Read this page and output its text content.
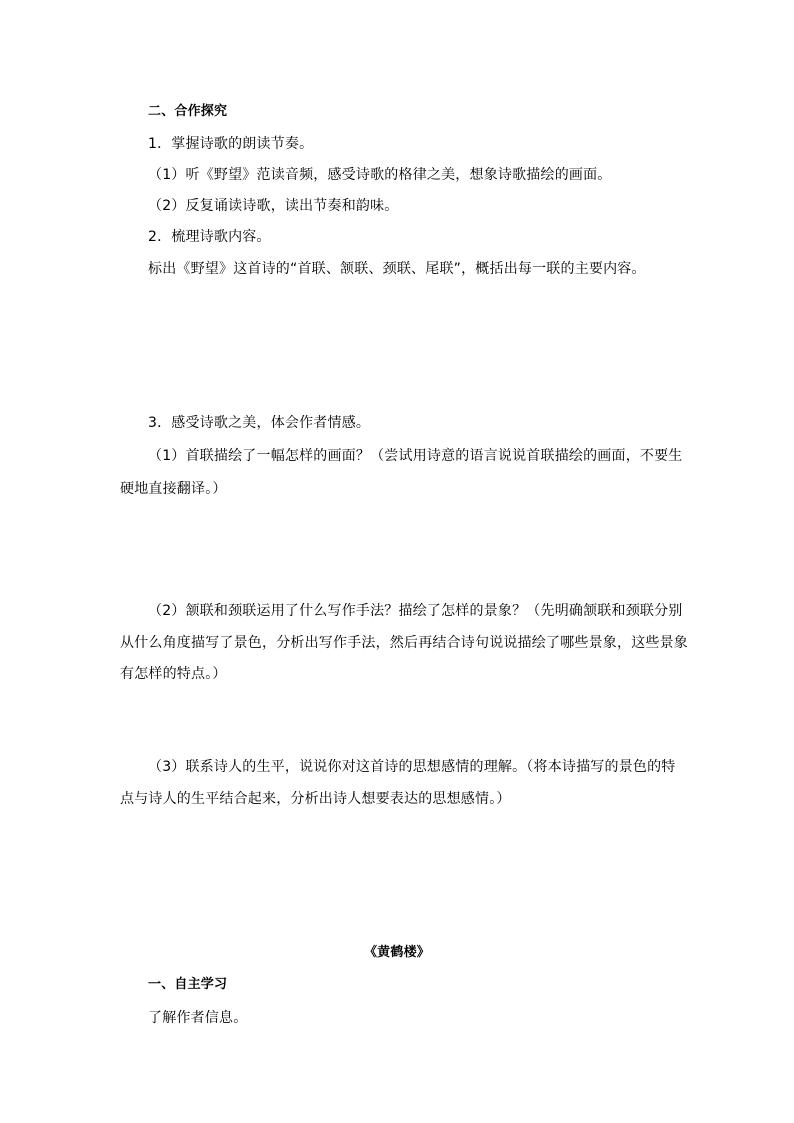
二、合作探究
1．掌握诗歌的朗读节奏。
（1）听《野望》范读音频，感受诗歌的格律之美，想象诗歌描绘的画面。
（2）反复诵读诗歌，读出节奏和韵味。
2．梳理诗歌内容。
标出《野望》这首诗的“首联、颔联、颈联、尾联”，概括出每一联的主要内容。
3．感受诗歌之美，体会作者情感。
（1）首联描绘了一幅怎样的画面？（尝试用诗意的语言说说首联描绘的画面，不要生
硬地直接翻译。）
（2）颔联和颈联运用了什么写作手法？描绘了怎样的景象？（先明确颔联和颈联分别
从什么角度描写了景色，分析出写作手法，然后再结合诗句说说描绘了哪些景象，这些景象
有怎样的特点。）
（3）联系诗人的生平，说说你对这首诗的思想感情的理解。（将本诗描写的景色的特
点与诗人的生平结合起来，分析出诗人想要表达的思想感情。）
《黄鹤楼》
一、自主学习
了解作者信息。
